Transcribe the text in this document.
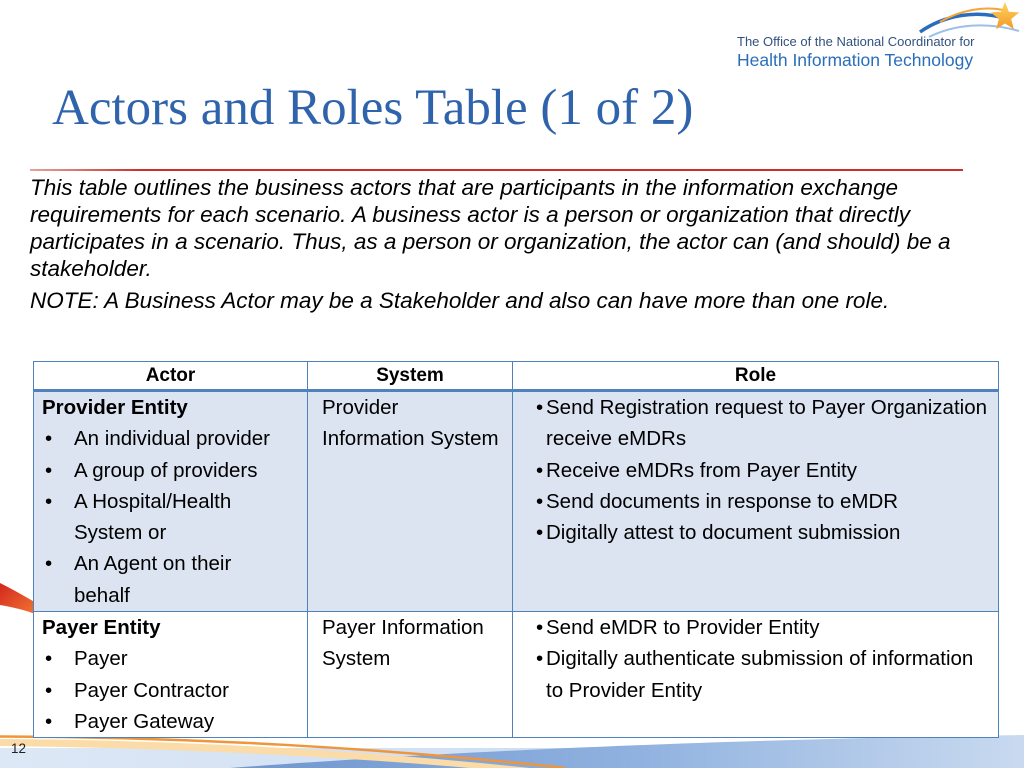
The Office of the National Coordinator for
Health Information Technology
Actors and Roles Table (1 of 2)

This table outlines the business actors that are participants in the information exchange requirements for each scenario. A business actor is a person or organization that directly participates in a scenario. Thus, as a person or organization, the actor can (and should) be a stakeholder.

NOTE: A Business Actor may be a Stakeholder and also can have more than one role.

Actor	System	Role
Provider Entity
•
An individual provider
•
A group of providers
•
A Hospital/Health
System or
•
An Agent on their
behalf
Provider
Information System
•
Send Registration request to Payer Organization
receive eMDRs
•
Receive eMDRs from Payer Entity
•
Send documents in response to eMDR
•
Digitally attest to document submission
Payer Entity
•
Payer
•
Payer Contractor
•
Payer Gateway
Payer Information
System
•
Send eMDR to Provider Entity
•
Digitally authenticate submission of information
to Provider Entity
12
